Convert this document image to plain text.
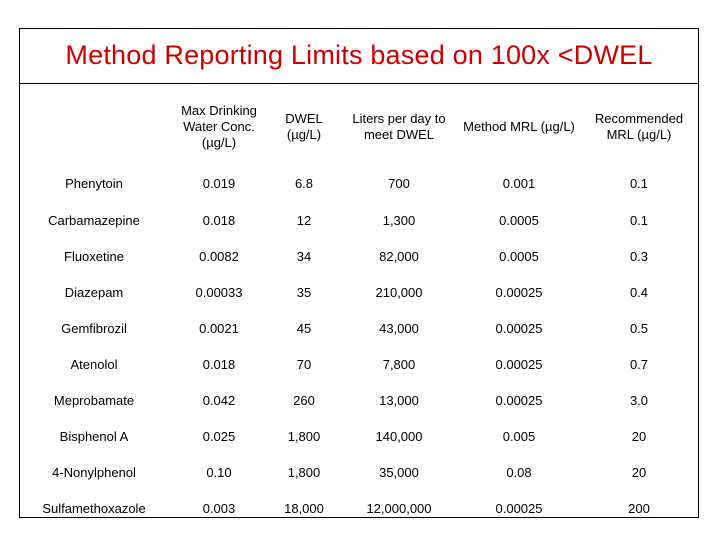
Method Reporting Limits based on 100x <DWEL
	Max Drinking Water Conc. (µg/L)	DWEL (µg/L)	Liters per day to meet DWEL	Method MRL (µg/L)	Recommended MRL (µg/L)
Phenytoin	0.019	6.8	700	0.001	0.1
Carbamazepine	0.018	12	1,300	0.0005	0.1
Fluoxetine	0.0082	34	82,000	0.0005	0.3
Diazepam	0.00033	35	210,000	0.00025	0.4
Gemfibrozil	0.0021	45	43,000	0.00025	0.5
Atenolol	0.018	70	7,800	0.00025	0.7
Meprobamate	0.042	260	13,000	0.00025	3.0
Bisphenol A	0.025	1,800	140,000	0.005	20
4-Nonylphenol	0.10	1,800	35,000	0.08	20
Sulfamethoxazole	0.003	18,000	12,000,000	0.00025	200
